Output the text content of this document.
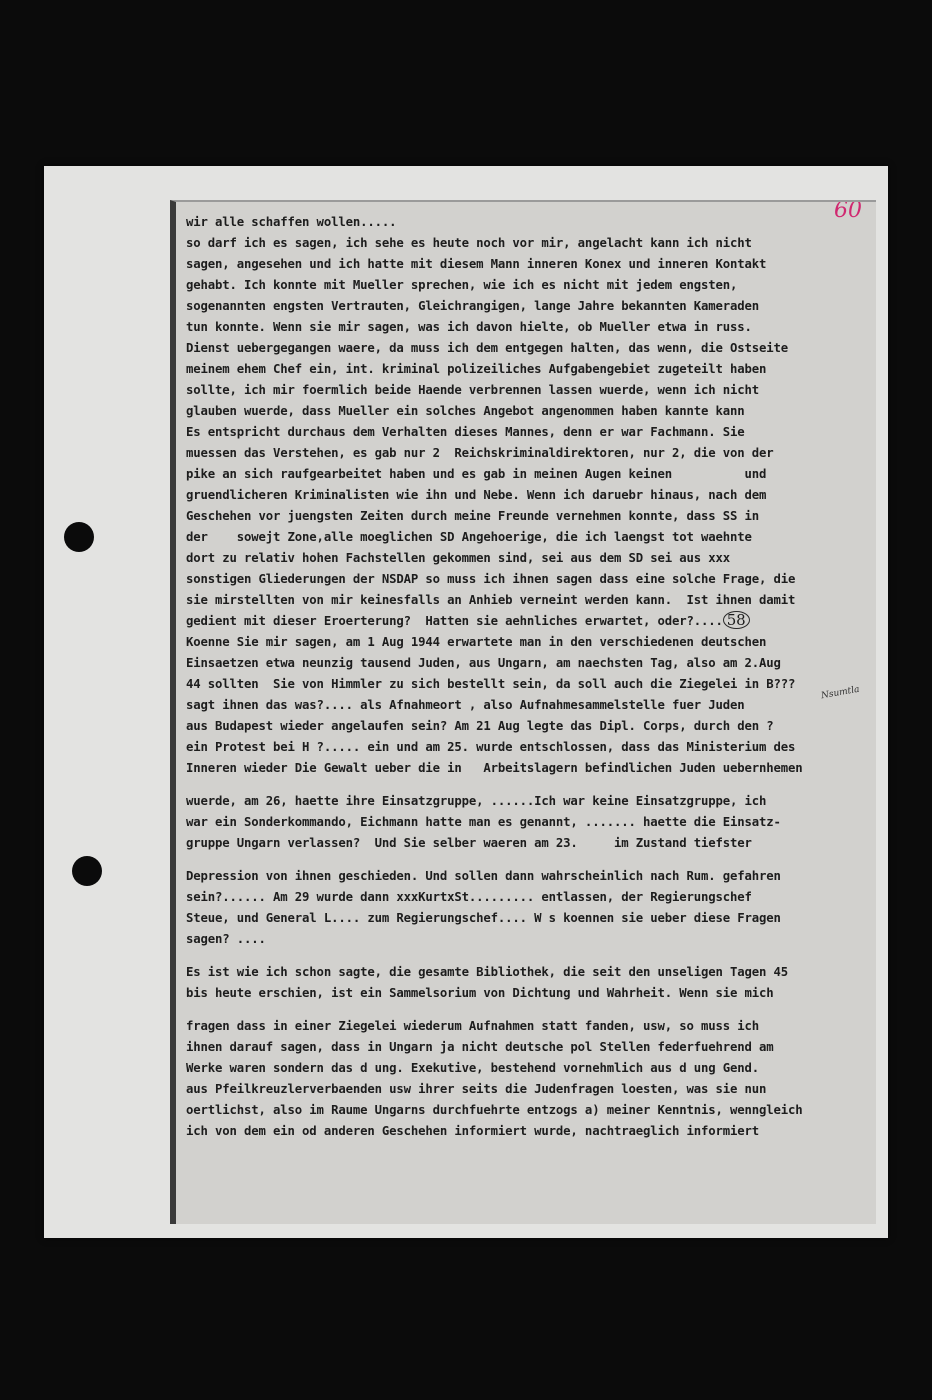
60
Nsumtla
wir alle schaffen wollen.....
so darf ich es sagen, ich sehe es heute noch vor mir, angelacht kann ich nicht
sagen, angesehen und ich hatte mit diesem Mann inneren Konex und inneren Kontakt
gehabt. Ich konnte mit Mueller sprechen, wie ich es nicht mit jedem engsten,
sogenannten engsten Vertrauten, Gleichrangigen, lange Jahre bekannten Kameraden
tun konnte. Wenn sie mir sagen, was ich davon hielte, ob Mueller etwa in russ.
Dienst uebergegangen waere, da muss ich dem entgegen halten, das wenn, die Ostseite
meinem ehem Chef ein, int. kriminal polizeiliches Aufgabengebiet zugeteilt haben
sollte, ich mir foermlich beide Haende verbrennen lassen wuerde, wenn ich nicht
glauben wuerde, dass Mueller ein solches Angebot angenommen haben kannte kann
Es entspricht durchaus dem Verhalten dieses Mannes, denn er war Fachmann. Sie
muessen das Verstehen, es gab nur 2  Reichskriminaldirektoren, nur 2, die von der
pike an sich raufgearbeitet haben und es gab in meinen Augen keinen          und
gruendlicheren Kriminalisten wie ihn und Nebe. Wenn ich daruebr hinaus, nach dem
Geschehen vor juengsten Zeiten durch meine Freunde vernehmen konnte, dass SS in
der    sowejt Zone,alle moeglichen SD Angehoerige, die ich laengst tot waehnte
dort zu relativ hohen Fachstellen gekommen sind, sei aus dem SD sei aus xxx
sonstigen Gliederungen der NSDAP so muss ich ihnen sagen dass eine solche Frage, die
sie mirstellten von mir keinesfalls an Anhieb verneint werden kann.  Ist ihnen damit
gedient mit dieser Eroerterung?  Hatten sie aehnliches erwartet, oder?.... 58
Koenne Sie mir sagen, am 1 Aug 1944 erwartete man in den verschiedenen deutschen
Einsaetzen etwa neunzig tausend Juden, aus Ungarn, am naechsten Tag, also am 2.Aug
44 sollten  Sie von Himmler zu sich bestellt sein, da soll auch die Ziegelei in B???
sagt ihnen das was?.... als Afnahmeort , also Aufnahmesammelstelle fuer Juden
aus Budapest wieder angelaufen sein? Am 21 Aug legte das Dipl. Corps, durch den ?
ein Protest bei H ?..... ein und am 25. wurde entschlossen, dass das Ministerium des
Inneren wieder Die Gewalt ueber die in   Arbeitslagern befindlichen Juden uebernhemen
wuerde, am 26, haette ihre Einsatzgruppe, ......Ich war keine Einsatzgruppe, ich
war ein Sonderkommando, Eichmann hatte man es genannt, ....... haette die Einsatz-
gruppe Ungarn verlassen?  Und Sie selber waeren am 23.     im Zustand tiefster
Depression von ihnen geschieden. Und sollen dann wahrscheinlich nach Rum. gefahren
sein?...... Am 29 wurde dann xxxKurtxSt......... entlassen, der Regierungschef
Steue, und General L.... zum Regierungschef.... W s koennen sie ueber diese Fragen
sagen? ....
Es ist wie ich schon sagte, die gesamte Bibliothek, die seit den unseligen Tagen 45
bis heute erschien, ist ein Sammelsorium von Dichtung und Wahrheit. Wenn sie mich
fragen dass in einer Ziegelei wiederum Aufnahmen statt fanden, usw, so muss ich
ihnen darauf sagen, dass in Ungarn ja nicht deutsche pol Stellen federfuehrend am
Werke waren sondern das d ung. Exekutive, bestehend vornehmlich aus d ung Gend.
aus Pfeilkreuzlerverbaenden usw ihrer seits die Judenfragen loesten, was sie nun
oertlichst, also im Raume Ungarns durchfuehrte entzogs a) meiner Kenntnis, wenngleich
ich von dem ein od anderen Geschehen informiert wurde, nachtraeglich informiert
